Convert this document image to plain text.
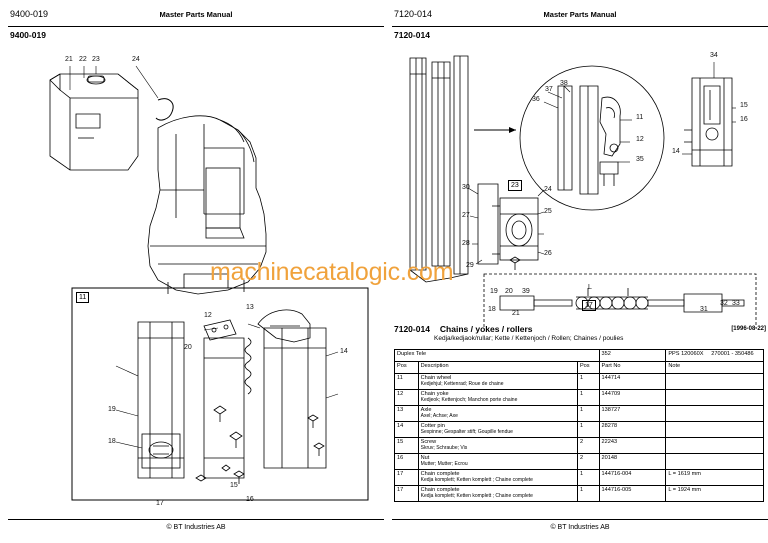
9400-019	Master Parts Manual
9400-019
21 22 23	24
11
12
13
14
15
16
17
18
19
20
© BT Industries AB
7120-014	Master Parts Manual
7120-014
34
15
16
14
36
37
38
11
12
35
23
24
25
26
30
27
28
29
19 20 39
18
21
17
31
32 33
L
7120-014 Chains / yokes / rollers
Kedja/kedjaok/rullar; Kette / Kettenjoch / Rollen; Chaines / poulies
[1996-08-22]
Duplex Tele			352	PPS 120060X 270001 - 350486
Pos	Description	Pos	Part No	Note
11	Chain wheel
Kedjehjul; Kettenrad; Roue de chaine	1	144714	
12	Chain yoke
Kedjeok; Kettenjoch; Manchon porte chaine	1	144709	
13	Axle
Axel; Achse; Axe	1	138727	
14	Cotter pin
Sexpinne; Gespalter stift; Goupille fendue	1	28278	
15	Screw
Skruv; Schraube; Vis	2	22243	
16	Nut
Mutter; Mutter; Ecrou	2	20148	
17	Chain complete
Kedja komplett; Ketten komplett ; Chaine complete	1	144716-004	L = 1619 mm
17	Chain complete
Kedja komplett; Ketten komplett ; Chaine complete	1	144716-005	L = 1924 mm
© BT Industries AB
machinecatalogic.com
